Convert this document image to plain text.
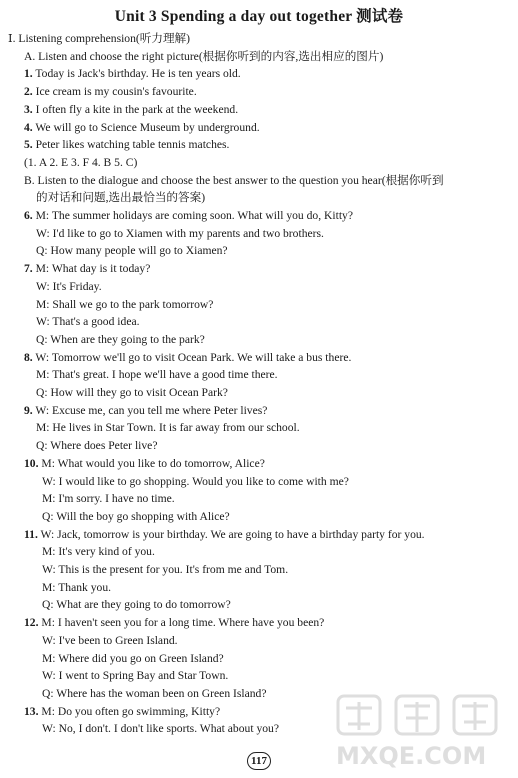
Unit 3 Spending a day out together 测试卷
Ⅰ. Listening comprehension(听力理解)
A. Listen and choose the right picture(根据你听到的内容,选出相应的图片)
1. Today is Jack's birthday. He is ten years old.
2. Ice cream is my cousin's favourite.
3. I often fly a kite in the park at the weekend.
4. We will go to Science Museum by underground.
5. Peter likes watching table tennis matches.
(1. A 2. E 3. F 4. B 5. C)
B. Listen to the dialogue and choose the best answer to the question you hear(根据你听到
的对话和问题,选出最恰当的答案)
6. M: The summer holidays are coming soon. What will you do, Kitty?
W: I'd like to go to Xiamen with my parents and two brothers.
Q: How many people will go to Xiamen?
7. M: What day is it today?
W: It's Friday.
M: Shall we go to the park tomorrow?
W: That's a good idea.
Q: When are they going to the park?
8. W: Tomorrow we'll go to visit Ocean Park. We will take a bus there.
M: That's great. I hope we'll have a good time there.
Q: How will they go to visit Ocean Park?
9. W: Excuse me, can you tell me where Peter lives?
M: He lives in Star Town. It is far away from our school.
Q: Where does Peter live?
10. M: What would you like to do tomorrow, Alice?
W: I would like to go shopping. Would you like to come with me?
M: I'm sorry. I have no time.
Q: Will the boy go shopping with Alice?
11. W: Jack, tomorrow is your birthday. We are going to have a birthday party for you.
M: It's very kind of you.
W: This is the present for you. It's from me and Tom.
M: Thank you.
Q: What are they going to do tomorrow?
12. M: I haven't seen you for a long time. Where have you been?
W: I've been to Green Island.
M: Where did you go on Green Island?
W: I went to Spring Bay and Star Town.
Q: Where has the woman been on Green Island?
13. M: Do you often go swimming, Kitty?
W: No, I don't. I don't like sports. What about you?
117	MXQE.COM
